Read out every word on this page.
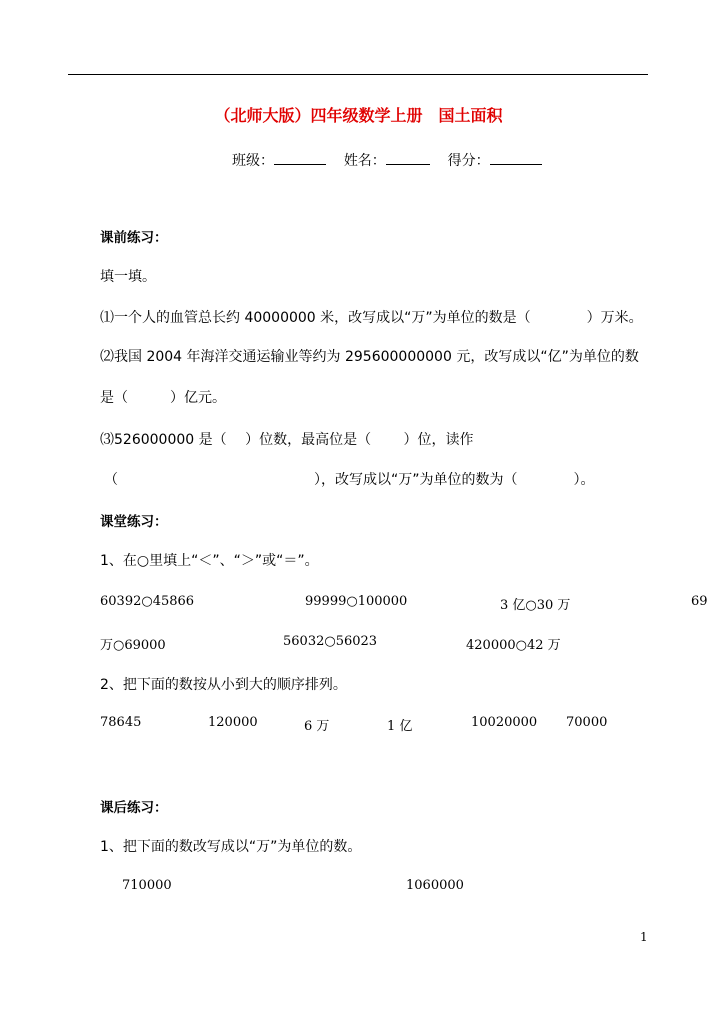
（北师大版）四年级数学上册　国土面积
班级：	姓名：	得分：
课前练习：
填一填。
⑴一个人的血管总长约 40000000 米，改写成以“万”为单位的数是（　　　　）万米。
⑵我国 2004 年海洋交通运输业等约为 295600000000 元，改写成以“亿”为单位的数
是（　　　）亿元。
⑶526000000 是（　 ）位数，最高位是（　　 ）位，读作
（　　　　　　　　　　　　　　），改写成以“万”为单位的数为（　　　　）。
课堂练习：
1、在○里填上“＜”、“＞”或“＝”。
60392○45866	99999○100000	3 亿○30 万	69
万○69000	56032○56023	420000○42 万
2、把下面的数按从小到大的顺序排列。
78645	120000	6 万	1 亿	10020000 70000
课后练习：
1、把下面的数改写成以“万”为单位的数。
710000	1060000
1
